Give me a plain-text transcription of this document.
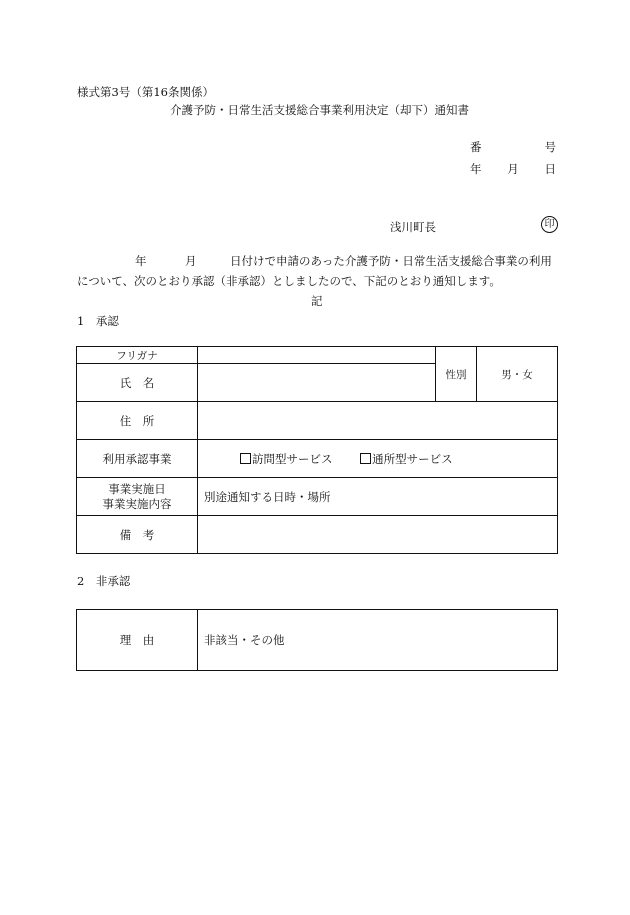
様式第3号（第16条関係）
介護予防・日常生活支援総合事業利用決定（却下）通知書
番	号
年 月 日
浅川町長	印
年	月	日付けで申請のあった介護予防・日常生活支援総合事業の利用
について、次のとおり承認（非承認）としましたので、下記のとおり通知します。
記
1　承認
フリガナ		性別	男・女
氏　名			
住　所			
利用承認事業	訪問型サービス 通所型サービス		

事業実施日
事業実施内容	別途通知する日時・場所		
備　考			
2　非承認
理　由	非該当・その他
